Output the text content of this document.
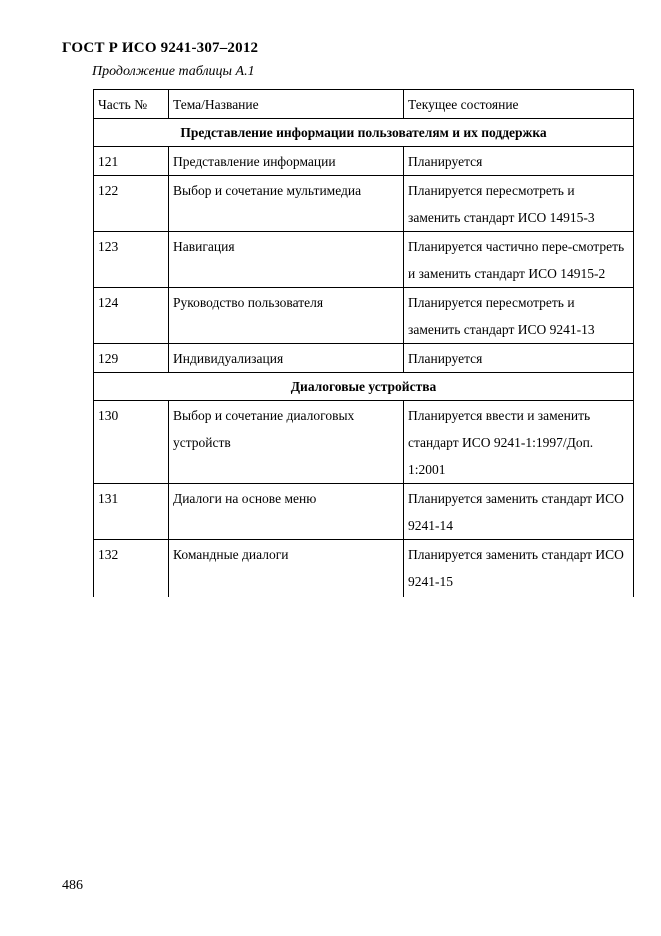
ГОСТ Р ИСО 9241-307–2012
Продолжение таблицы А.1
Часть №	Тема/Название	Текущее состояние
Представление информации пользователям и их поддержка		
121	Представление информации	Планируется
122	Выбор и сочетание мультимедиа	Планируется пересмотреть и заменить стандарт ИСО 14915-3
123	Навигация	Планируется частично пере-смотреть и заменить стандарт ИСО 14915-2
124	Руководство пользователя	Планируется пересмотреть и заменить стандарт ИСО 9241-13
129	Индивидуализация	Планируется
Диалоговые устройства		
130	Выбор и сочетание диалоговых устройств	Планируется ввести и заменить стандарт ИСО 9241-1:1997/Доп. 1:2001
131	Диалоги на основе меню	Планируется заменить стандарт ИСО 9241-14
132	Командные диалоги	Планируется заменить стандарт ИСО 9241-15
486
